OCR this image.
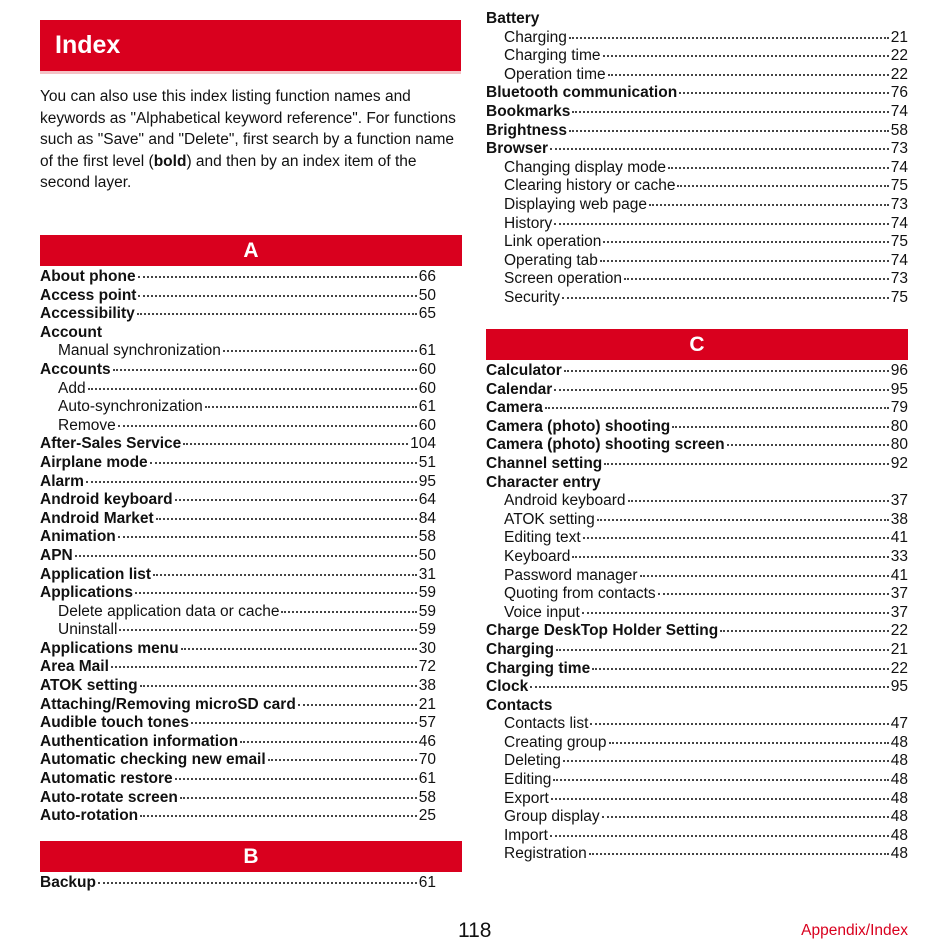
Index
You can also use this index listing function names and keywords as "Alphabetical keyword reference". For functions such as "Save" and "Delete", first search by a function name of the first level (bold) and then by an index item of the second layer.
A
About phone	66
Access point	50
Accessibility	65
Account
Manual synchronization	61
Accounts	60
Add	60
Auto-synchronization	61
Remove	60
After-Sales Service	104
Airplane mode	51
Alarm	95
Android keyboard	64
Android Market	84
Animation	58
APN	50
Application list	31
Applications	59
Delete application data or cache	59
Uninstall	59
Applications menu	30
Area Mail	72
ATOK setting	38
Attaching/Removing microSD card	21
Audible touch tones	57
Authentication information	46
Automatic checking new email	70
Automatic restore	61
Auto-rotate screen	58
Auto-rotation	25
B
Backup	61
Battery
Charging	21
Charging time	22
Operation time	22
Bluetooth communication	76
Bookmarks	74
Brightness	58
Browser	73
Changing display mode	74
Clearing history or cache	75
Displaying web page	73
History	74
Link operation	75
Operating tab	74
Screen operation	73
Security	75
C
Calculator	96
Calendar	95
Camera	79
Camera (photo) shooting	80
Camera (photo) shooting screen	80
Channel setting	92
Character entry
Android keyboard	37
ATOK setting	38
Editing text	41
Keyboard	33
Password manager	41
Quoting from contacts	37
Voice input	37
Charge DeskTop Holder Setting	22
Charging	21
Charging time	22
Clock	95
Contacts
Contacts list	47
Creating group	48
Deleting	48
Editing	48
Export	48
Group display	48
Import	48
Registration	48
118	Appendix/Index
